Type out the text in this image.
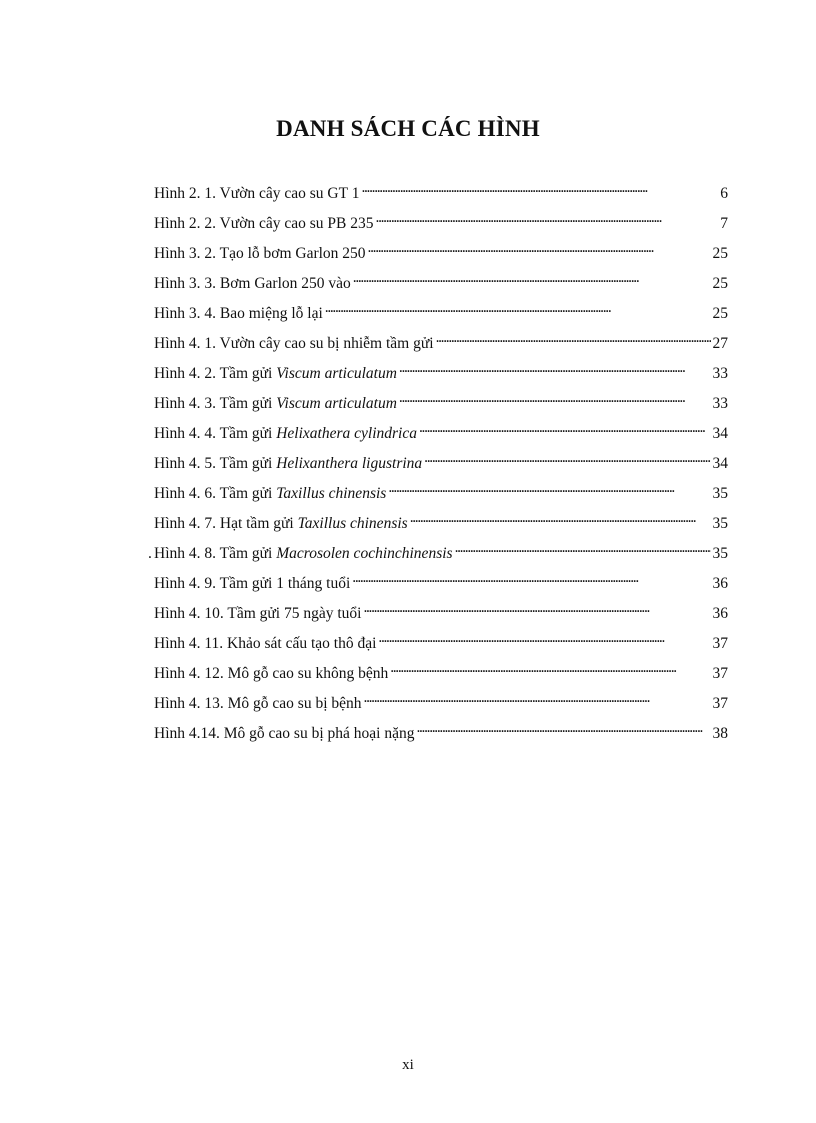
DANH SÁCH CÁC HÌNH
Hình 2. 1. Vườn cây cao su GT 1 . . .	6
Hình 2. 2. Vườn cây cao su PB 235 . . .	7
Hình 3. 2. Tạo lỗ bơm Garlon 250 . . .	25
Hình 3. 3. Bơm Garlon 250 vào . . .	25
Hình 3. 4. Bao miệng lỗ lại . . .	25
Hình 4. 1. Vườn cây cao su bị nhiễm tầm gửi . . .	27
Hình 4. 2. Tầm gửi Viscum articulatum . . .	33
Hình 4. 3. Tầm gửi Viscum articulatum . . .	33
Hình 4. 4. Tầm gửi Helixathera cylindrica . . .	34
Hình 4. 5. Tầm gửi Helixanthera ligustrina . . .	34
Hình 4. 6. Tầm gửi Taxillus chinensis . . .	35
Hình 4. 7. Hạt tầm gửi Taxillus chinensis . . .	35
. Hình 4. 8. Tầm gửi Macrosolen cochinchinensis . . .	35
Hình 4. 9. Tầm gửi 1 tháng tuổi . . .	36
Hình 4. 10. Tầm gửi 75 ngày tuổi . . .	36
Hình 4. 11. Khảo sát cấu tạo thô đại . . .	37
Hình 4. 12. Mô gỗ cao su không bệnh . . .	37
Hình 4. 13. Mô gỗ cao su bị bệnh . . .	37
Hình 4.14. Mô gỗ cao su bị phá hoại nặng . . .	38

xi
